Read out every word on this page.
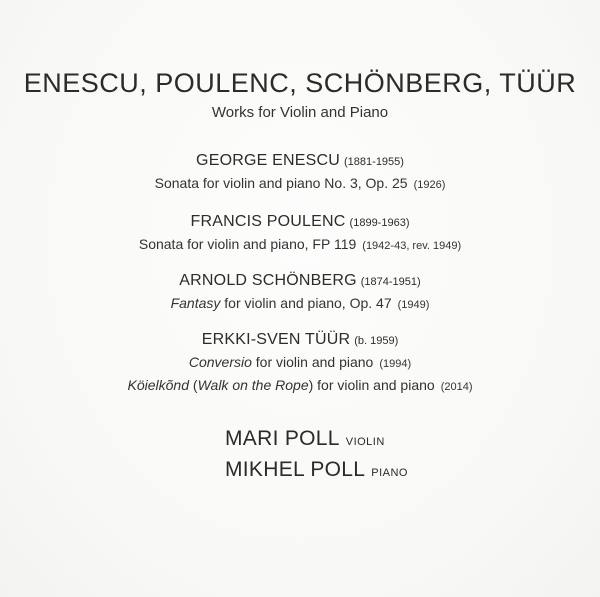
ENESCU, POULENC, SCHÖNBERG, TÜÜR
Works for Violin and Piano
GEORGE ENESCU (1881-1955)
Sonata for violin and piano No. 3, Op. 25 (1926)
FRANCIS POULENC (1899-1963)
Sonata for violin and piano, FP 119 (1942-43, rev. 1949)
ARNOLD SCHÖNBERG (1874-1951)
Fantasy for violin and piano, Op. 47 (1949)
ERKKI-SVEN TÜÜR (b. 1959)
Conversio for violin and piano (1994)
Köielkõnd (Walk on the Rope) for violin and piano (2014)
MARI POLL VIOLIN
MIKHEL POLL PIANO
